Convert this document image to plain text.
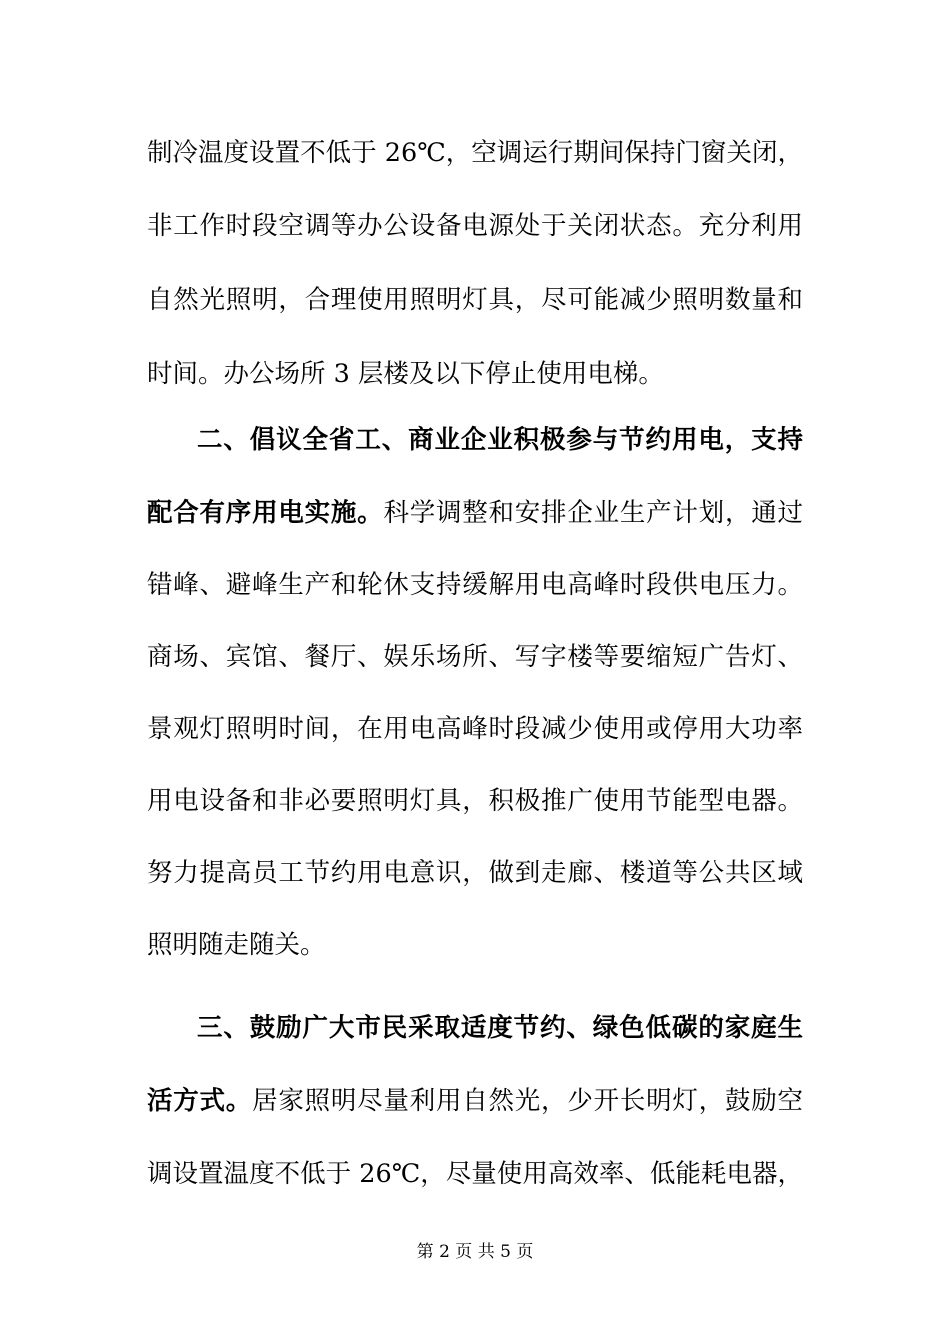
制冷温度设置不低于 26℃，空调运行期间保持门窗关闭，
非工作时段空调等办公设备电源处于关闭状态。充分利用
自然光照明，合理使用照明灯具，尽可能减少照明数量和
时间。办公场所 3 层楼及以下停止使用电梯。
二、倡议全省工、商业企业积极参与节约用电，支持
配合有序用电实施。科学调整和安排企业生产计划，通过
错峰、避峰生产和轮休支持缓解用电高峰时段供电压力。
商场、宾馆、餐厅、娱乐场所、写字楼等要缩短广告灯、
景观灯照明时间，在用电高峰时段减少使用或停用大功率
用电设备和非必要照明灯具，积极推广使用节能型电器。
努力提高员工节约用电意识，做到走廊、楼道等公共区域
照明随走随关。
三、鼓励广大市民采取适度节约、绿色低碳的家庭生
活方式。居家照明尽量利用自然光，少开长明灯，鼓励空
调设置温度不低于 26℃，尽量使用高效率、低能耗电器，
第 2 页 共 5 页
